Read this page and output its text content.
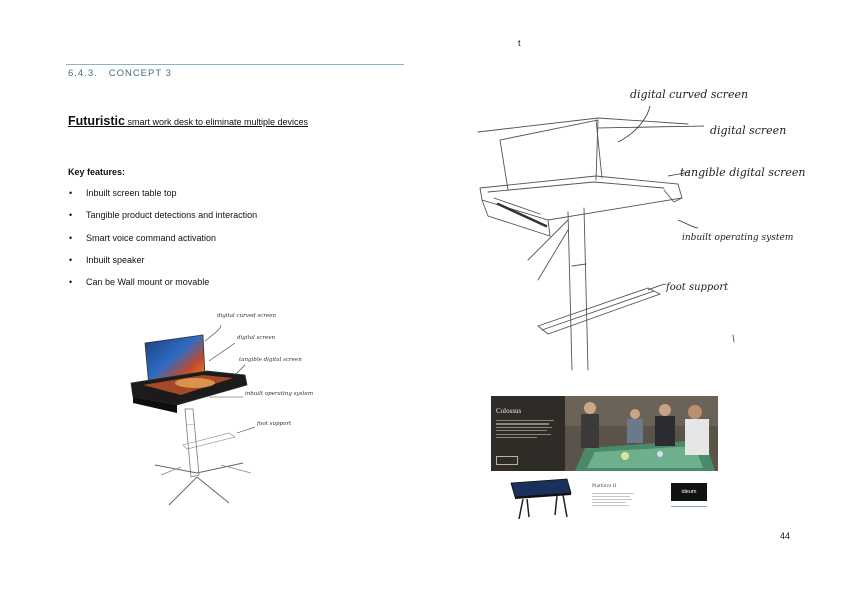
6.4.3. CONCEPT 3
Futuristic smart work desk to eliminate multiple devices
Key features:
• Inbuilt screen table top
• Tangible product detections and interaction
• Smart voice command activation
• Inbuilt speaker
• Can be Wall mount or movable
digital curved screen
digital screen
tangible digital screen
inbuilt operating system
foot support
t
digital curved screen
digital screen
tangible digital screen
inbuilt operating system
foot support
Colossus
Platform II
ideum
44
